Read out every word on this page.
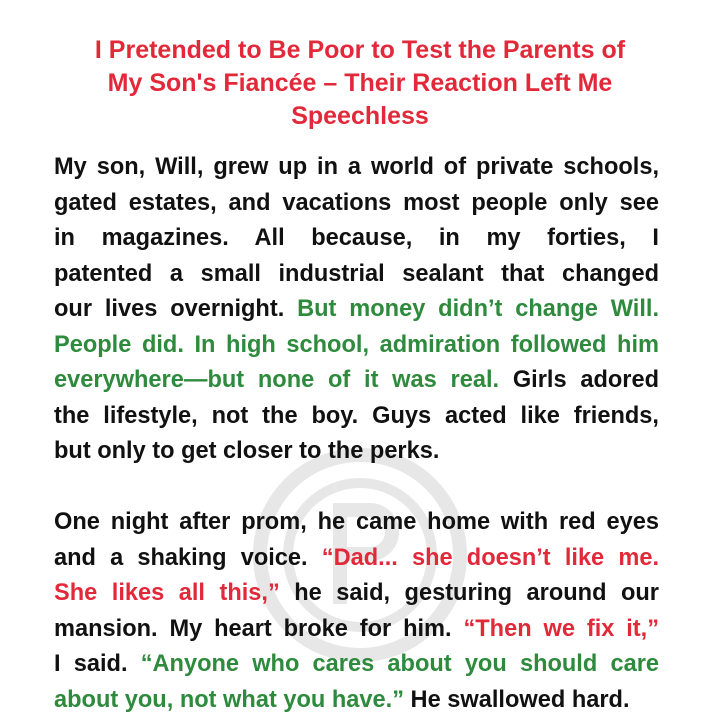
I Pretended to Be Poor to Test the Parents of
My Son's Fiancée – Their Reaction Left Me
Speechless
My son, Will, grew up in a world of private schools,
gated estates, and vacations most people only see
in magazines. All because, in my forties, I
patented a small industrial sealant that changed
our lives overnight. But money didn’t change Will.
People did. In high school, admiration followed him
everywhere—but none of it was real. Girls adored
the lifestyle, not the boy. Guys acted like friends,
but only to get closer to the perks.
One night after prom, he came home with red eyes
and a shaking voice. “Dad... she doesn’t like me.
She likes all this,” he said, gesturing around our
mansion. My heart broke for him. “Then we fix it,”
I said. “Anyone who cares about you should care
about you, not what you have.” He swallowed hard.
